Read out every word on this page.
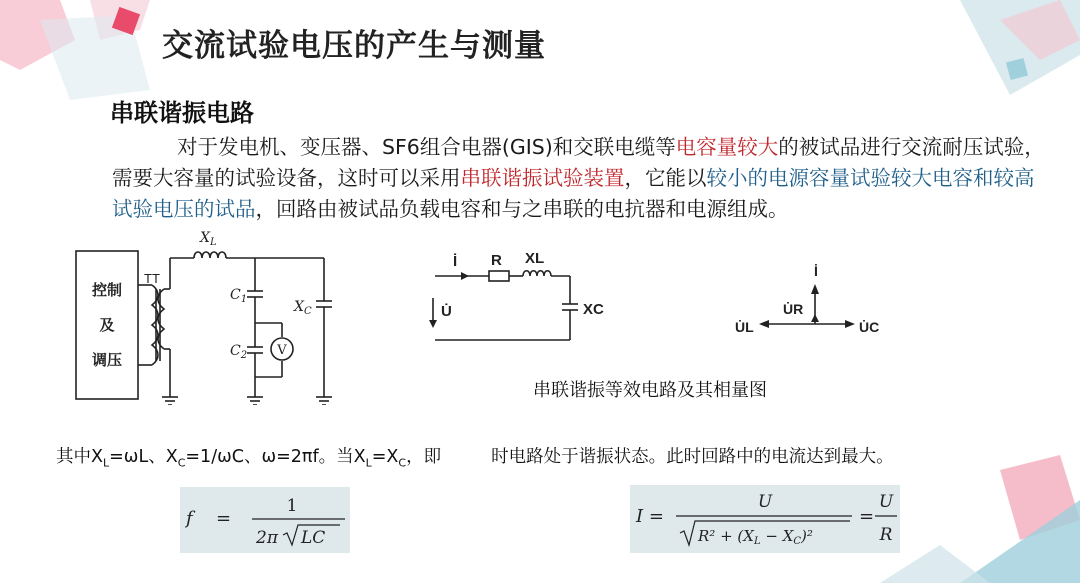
交流试验电压的产生与测量
串联谐振电路
对于发电机、变压器、SF6组合电器(GIS)和交联电缆等电容量较大的被试品进行交流耐压试验，需要大容量的试验设备，这时可以采用串联谐振试验装置，它能以较小的电源容量试验较大电容和较高试验电压的试品，回路由被试品负载电容和与之串联的电抗器和电源组成。
控制
及
调压
TT
$X_L$
$C_1$
$C_2$
$X_C$
V
İ R XL
U̇	XC
İ
U̇R
U̇L	U̇C
串联谐振等效电路及其相量图
其中$X_L=\omega L$、$X_C=1/\omega C$、ω=2πf。当$X_L=X_C$，即	时电路处于谐振状态。此时回路中的电流达到最大。
f =
1
2π LC
I =
U
$R^2 + (X_L - X_C)^2$
=
U
R
